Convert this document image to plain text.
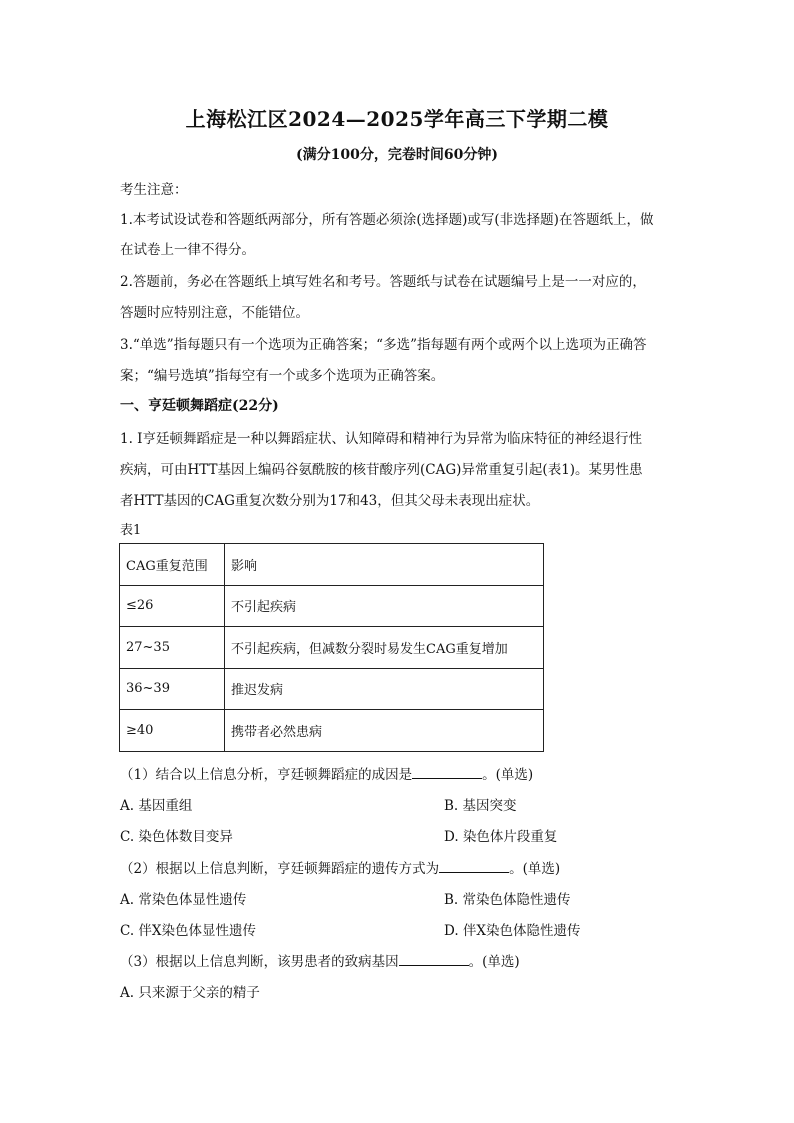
上海松江区2024—2025学年高三下学期二模
(满分100分，完卷时间60分钟)
考生注意：
1.本考试设试卷和答题纸两部分，所有答题必须涂(选择题)或写(非选择题)在答题纸上，做
在试卷上一律不得分。
2.答题前，务必在答题纸上填写姓名和考号。答题纸与试卷在试题编号上是一一对应的，
答题时应特别注意，不能错位。
3.“单选”指每题只有一个选项为正确答案；“多选”指每题有两个或两个以上选项为正确答
案；“编号选填”指每空有一个或多个选项为正确答案。
一、亨廷顿舞蹈症(22分)
1. Ⅰ亨廷顿舞蹈症是一种以舞蹈症状、认知障碍和精神行为异常为临床特征的神经退行性
疾病，可由HTT基因上编码谷氨酰胺的核苷酸序列(CAG)异常重复引起(表1)。某男性患
者HTT基因的CAG重复次数分别为17和43，但其父母未表现出症状。
表1
CAG重复范围	影响
≤26	不引起疾病
27~35	不引起疾病，但减数分裂时易发生CAG重复增加
36~39	推迟发病
≥40	携带者必然患病
（1）结合以上信息分析，亨廷顿舞蹈症的成因是	。(单选)
A. 基因重组	B. 基因突变
C. 染色体数目变异	D. 染色体片段重复
（2）根据以上信息判断，亨廷顿舞蹈症的遗传方式为	。(单选)
A. 常染色体显性遗传	B. 常染色体隐性遗传
C. 伴X染色体显性遗传	D. 伴X染色体隐性遗传
（3）根据以上信息判断，该男患者的致病基因	。(单选)
A. 只来源于父亲的精子
